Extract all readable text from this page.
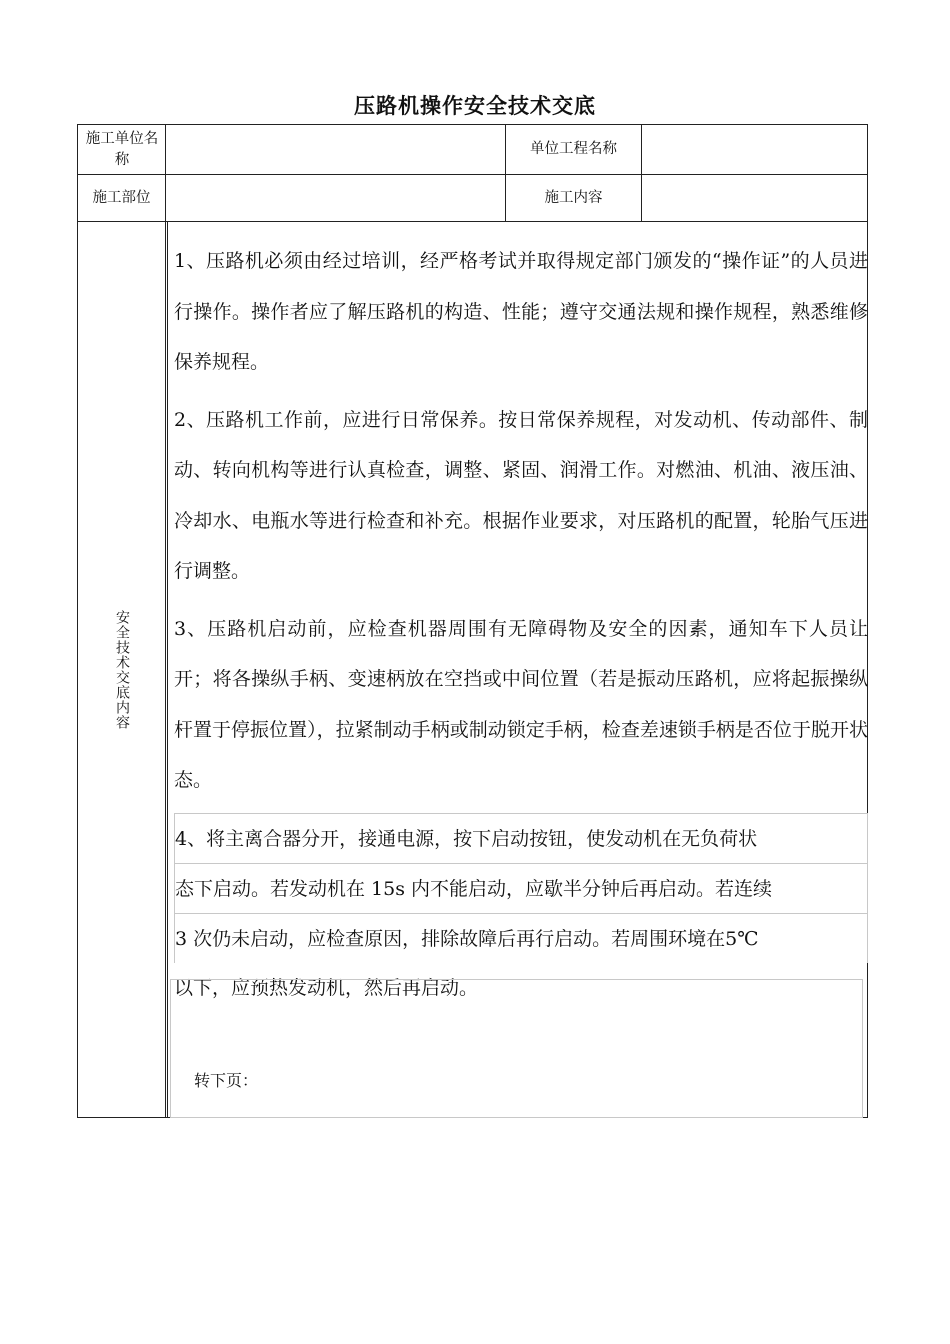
压路机操作安全技术交底
施工单位名称
单位工程名称
施工部位	施工内容
安全技术交底内容

1、压路机必须由经过培训，经严格考试并取得规定部门颁发的“操作证”的人员进行操作。操作者应了解压路机的构造、性能；遵守交通法规和操作规程，熟悉维修保养规程。

2、压路机工作前，应进行日常保养。按日常保养规程，对发动机、传动部件、制动、转向机构等进行认真检查，调整、紧固、润滑工作。对燃油、机油、液压油、冷却水、电瓶水等进行检查和补充。根据作业要求，对压路机的配置，轮胎气压进行调整。

3、压路机启动前，应检查机器周围有无障碍物及安全的因素，通知车下人员让开；将各操纵手柄、变速柄放在空挡或中间位置（若是振动压路机，应将起振操纵杆置于停振位置），拉紧制动手柄或制动锁定手柄，检查差速锁手柄是否位于脱开状态。

4、将主离合器分开，接通电源，按下启动按钮，使发动机在无负荷状
态下启动。若发动机在 15s 内不能启动，应歇半分钟后再启动。若连续
3 次仍未启动，应检查原因，排除故障后再行启动。若周围环境在5℃
以下，应预热发动机，然后再启动。
转下页：
